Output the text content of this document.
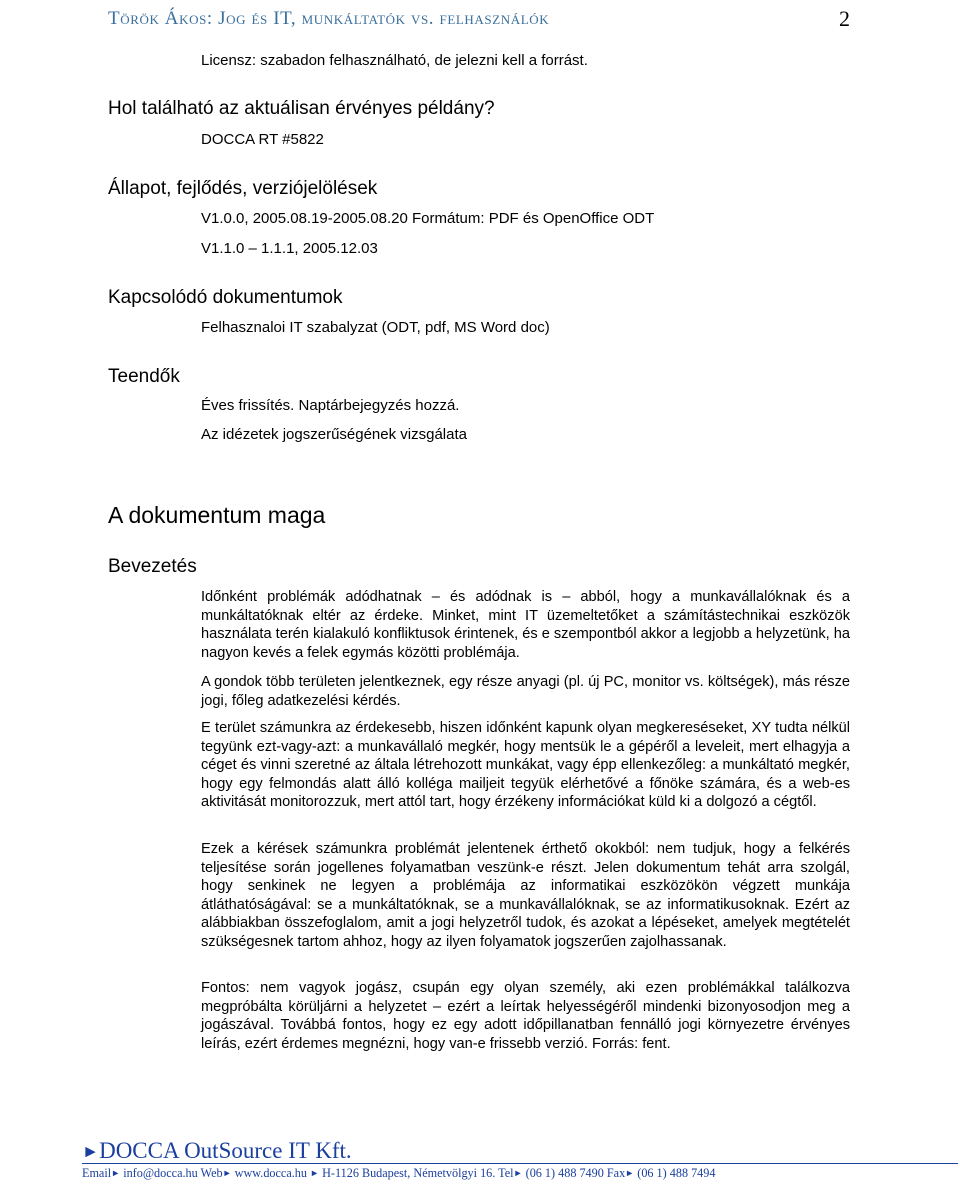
Török Ákos: Jog és IT, munkáltatók vs. felhasználók	2
Licensz: szabadon felhasználható, de jelezni kell a forrást.
Hol található az aktuálisan érvényes példány?
DOCCA RT #5822
Állapot, fejlődés, verziójelölések
V1.0.0, 2005.08.19-2005.08.20 Formátum: PDF és OpenOffice ODT
V1.1.0 – 1.1.1, 2005.12.03
Kapcsolódó dokumentumok
Felhasznaloi IT szabalyzat (ODT, pdf, MS Word doc)
Teendők
Éves frissítés. Naptárbejegyzés hozzá.
Az idézetek jogszerűségének vizsgálata
A dokumentum maga
Bevezetés
Időnként problémák adódhatnak – és adódnak is – abból, hogy a munkavállalóknak és a munkáltatóknak eltér az érdeke. Minket, mint IT üzemeltetőket a számítástechnikai eszközök használata terén kialakuló konfliktusok érintenek, és e szempontból akkor a legjobb a helyzetünk, ha nagyon kevés a felek egymás közötti problémája.
A gondok több területen jelentkeznek, egy része anyagi (pl. új PC, monitor vs. költségek), más része jogi, főleg adatkezelési kérdés.
E terület számunkra az érdekesebb, hiszen időnként kapunk olyan megkereséseket, XY tudta nélkül tegyünk ezt-vagy-azt: a munkavállaló megkér, hogy mentsük le a gépéről a leveleit, mert elhagyja a céget és vinni szeretné az általa létrehozott munkákat, vagy épp ellenkezőleg: a munkáltató megkér, hogy egy felmondás alatt álló kolléga mailjeit tegyük elérhetővé a főnöke számára, és a web-es aktivitását monitorozzuk, mert attól tart, hogy érzékeny információkat küld ki a dolgozó a cégtől.
Ezek a kérések számunkra problémát jelentenek érthető okokból: nem tudjuk, hogy a felkérés teljesítése során jogellenes folyamatban veszünk-e részt. Jelen dokumentum tehát arra szolgál, hogy senkinek ne legyen a problémája az informatikai eszközökön végzett munkája átláthatóságával: se a munkáltatóknak, se a munkavállalóknak, se az informatikusoknak. Ezért az alábbiakban összefoglalom, amit a jogi helyzetről tudok, és azokat a lépéseket, amelyek megtételét szükségesnek tartom ahhoz, hogy az ilyen folyamatok jogszerűen zajolhassanak.
Fontos: nem vagyok jogász, csupán egy olyan személy, aki ezen problémákkal találkozva megpróbálta körüljárni a helyzetet – ezért a leírtak helyességéről mindenki bizonyosodjon meg a jogászával. Továbbá fontos, hogy ez egy adott időpillanatban fennálló jogi környezetre érvényes leírás, ezért érdemes megnézni, hogy van-e frissebb verzió. Forrás: fent.
►DOCCA OutSource IT Kft.
Email► info@docca.hu Web► www.docca.hu ► H-1126 Budapest, Németvölgyi 16. Tel► (06 1) 488 7490 Fax► (06 1) 488 7494
